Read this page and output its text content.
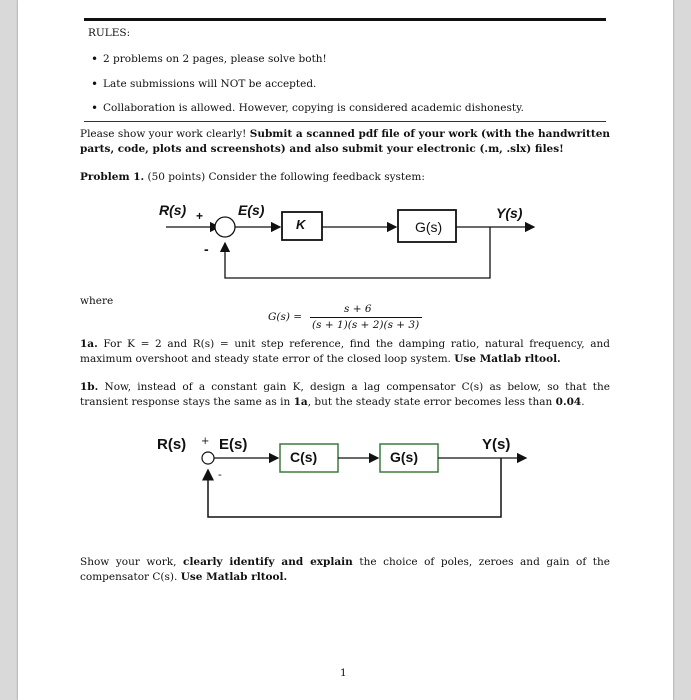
RULES:
• 2 problems on 2 pages, please solve both!
• Late submissions will NOT be accepted.
• Collaboration is allowed. However, copying is considered academic dishonesty.
Please show your work clearly! Submit a scanned pdf file of your work (with the handwritten parts, code, plots and screenshots) and also submit your electronic (.m, .slx) files!
Problem 1. (50 points) Consider the following feedback system:
R(s) + E(s)
K	G(s)
Y(s)
-
where
G(s) =
s + 6
(s + 1)(s + 2)(s + 3)
1a. For K = 2 and R(s) = unit step reference, find the damping ratio, natural frequency, and maximum overshoot and steady state error of the closed loop system. Use Matlab rltool.
1b. Now, instead of a constant gain K, design a lag compensator C(s) as below, so that the transient response stays the same as in 1a, but the steady state error becomes less than 0.04.
R(s) + E(s)
C(s)	G(s)
Y(s)
-
Show your work, clearly identify and explain the choice of poles, zeroes and gain of the compensator C(s). Use Matlab rltool.
1
